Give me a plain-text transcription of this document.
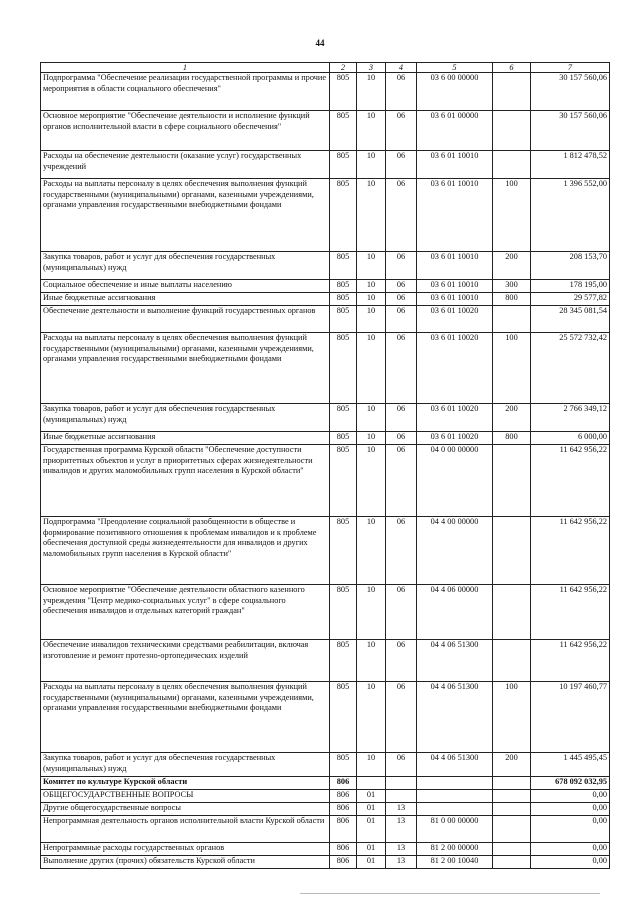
44
1	2	3	4	5	6	7
Подпрограмма "Обеспечение реализации государственной программы и прочие мероприятия в области социального обеспечения"	805	10	06	03 6 00 00000		30 157 560,06
Основное мероприятие "Обеспечение деятельности и исполнение функций органов исполнительной власти в сфере социального обеспечения"	805	10	06	03 6 01 00000		30 157 560,06
Расходы на обеспечение деятельности (оказание услуг) государственных учреждений	805	10	06	03 6 01 10010		1 812 478,52
Расходы на выплаты персоналу в целях обеспечения выполнения функций государственными (муниципальными) органами, казенными учреждениями, органами управления государственными внебюджетными фондами	805	10	06	03 6 01 10010	100	1 396 552,00
Закупка товаров, работ и услуг для обеспечения государственных (муниципальных) нужд	805	10	06	03 6 01 10010	200	208 153,70
Социальное обеспечение и иные выплаты населению	805	10	06	03 6 01 10010	300	178 195,00
Иные бюджетные ассигнования	805	10	06	03 6 01 10010	800	29 577,82
Обеспечение деятельности и выполнение функций государственных органов	805	10	06	03 6 01 10020		28 345 081,54
Расходы на выплаты персоналу в целях обеспечения выполнения функций государственными (муниципальными) органами, казенными учреждениями, органами управления государственными внебюджетными фондами	805	10	06	03 6 01 10020	100	25 572 732,42
Закупка товаров, работ и услуг для обеспечения государственных (муниципальных) нужд	805	10	06	03 6 01 10020	200	2 766 349,12
Иные бюджетные ассигнования	805	10	06	03 6 01 10020	800	6 000,00
Государственная программа Курской области "Обеспечение доступности приоритетных объектов и услуг в приоритетных сферах жизнедеятельности инвалидов и других маломобильных групп населения в Курской области"	805	10	06	04 0 00 00000		11 642 956,22
Подпрограмма "Преодоление социальной разобщенности в обществе и формирование позитивного отношения к проблемам инвалидов и к проблеме обеспечения доступной среды жизнедеятельности для инвалидов и других маломобильных групп населения в Курской области"	805	10	06	04 4 00 00000		11 642 956,22
Основное мероприятие "Обеспечение деятельности областного казенного учреждения "Центр медико-социальных услуг" в сфере социального обеспечения инвалидов и отдельных категорий граждан"	805	10	06	04 4 06 00000		11 642 956,22
Обеспечение инвалидов техническими средствами реабилитации, включая изготовление и ремонт протезно-ортопедических изделий	805	10	06	04 4 06 51300		11 642 956,22
Расходы на выплаты персоналу в целях обеспечения выполнения функций государственными (муниципальными) органами, казенными учреждениями, органами управления государственными внебюджетными фондами	805	10	06	04 4 06 51300	100	10 197 460,77
Закупка товаров, работ и услуг для обеспечения государственных (муниципальных) нужд	805	10	06	04 4 06 51300	200	1 445 495,45
Комитет по культуре Курской области	806					678 092 032,95
ОБЩЕГОСУДАРСТВЕННЫЕ ВОПРОСЫ	806	01				0,00
Другие общегосударственные вопросы	806	01	13			0,00
Непрограммная деятельность органов исполнительной власти Курской области	806	01	13	81 0 00 00000		0,00
Непрограммные расходы государственных органов	806	01	13	81 2 00 00000		0,00
Выполнение других (прочих) обязательств Курской области	806	01	13	81 2 00 10040		0,00
